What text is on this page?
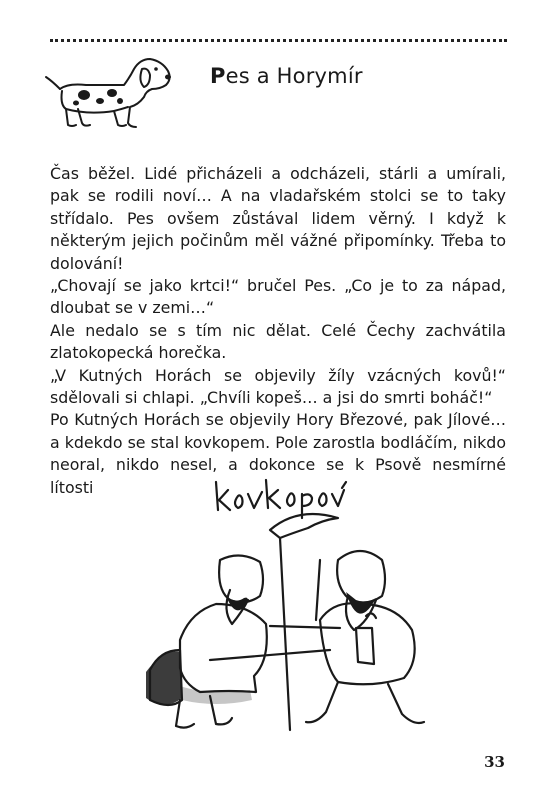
Pes a Horymír

Čas běžel. Lidé přicházeli a odcházeli, stárli a umírali, pak se rodili noví… A na vladařském stolci se to taky střídalo. Pes ovšem zůstával lidem věrný. I když k některým jejich počinům měl vážné připomínky. Třeba to dolování!

„Chovají se jako krtci!“ bručel Pes. „Co je to za nápad, dloubat se v zemi…“

Ale nedalo se s tím nic dělat. Celé Čechy zachvátila zlatokopecká horečka.

„V Kutných Horách se objevily žíly vzácných kovů!“ sdělovali si chlapi. „Chvíli kopeš… a jsi do smrti boháč!“

Po Kutných Horách se objevily Hory Březové, pak Jílové… a kdekdo se stal kovkopem. Pole zarostla bodláčím, nikdo neoral, nikdo nesel, a dokonce se k Psově nesmírné lítosti

33
